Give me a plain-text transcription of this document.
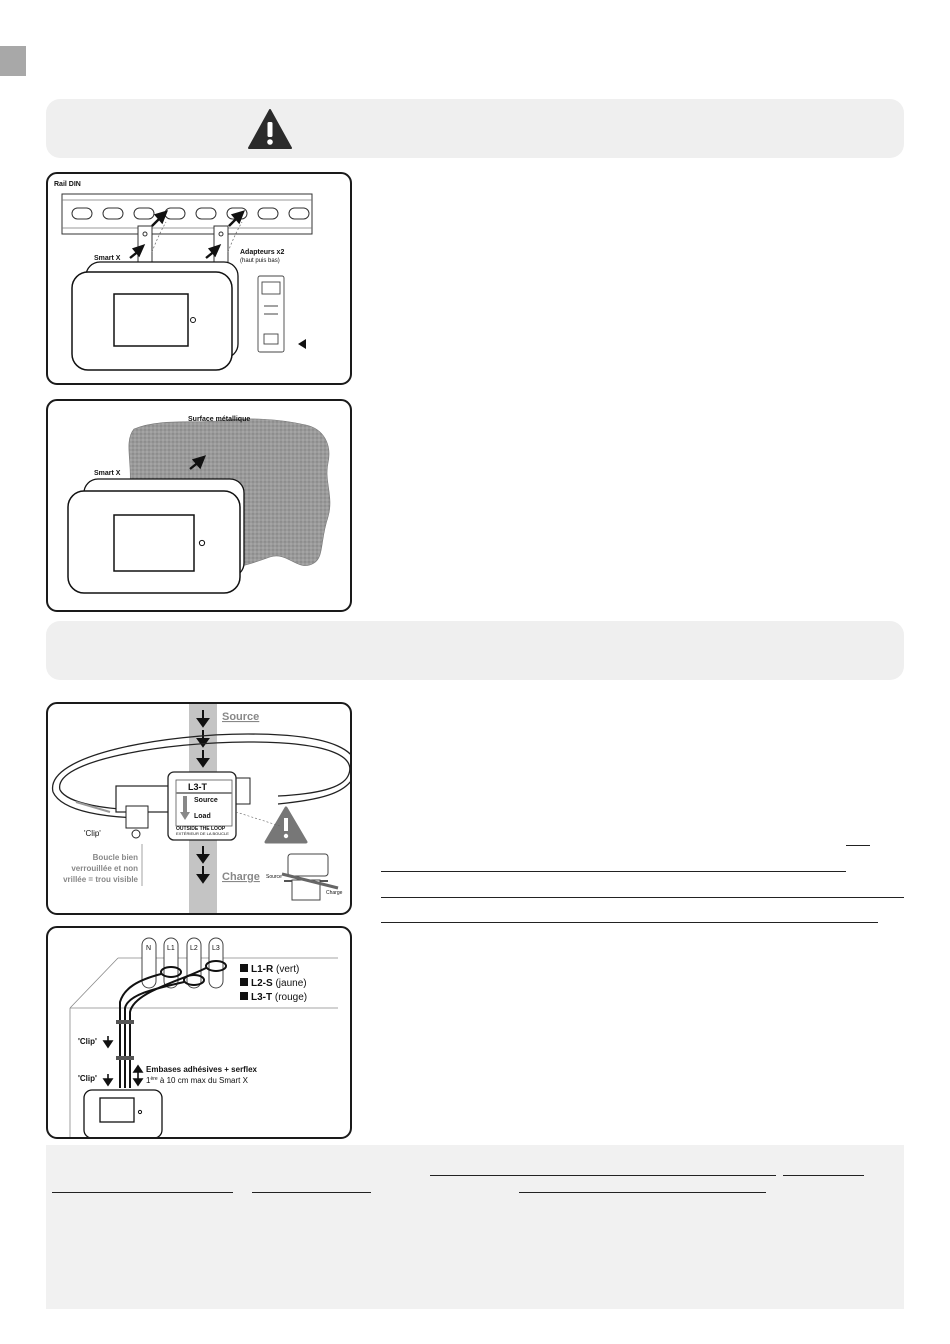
Rail DIN
Smart X
Adapteurs x2
(haut puis bas)
Surface métallique
Smart X
Source
Charge
L3-T
Source
Load
OUTSIDE THE LOOP
EXTÉRIEUR DE LA BOUCLE
'Clip'
Boucle bien
verrouillée et non
vrillée = trou visible	Source
Charge
N L1 L2 L3
L1-R (vert)
L2-S (jaune)
L3-T (rouge)
'Clip'
'Clip'
Embases adhésives + serflex
1ère à 10 cm max du Smart X
